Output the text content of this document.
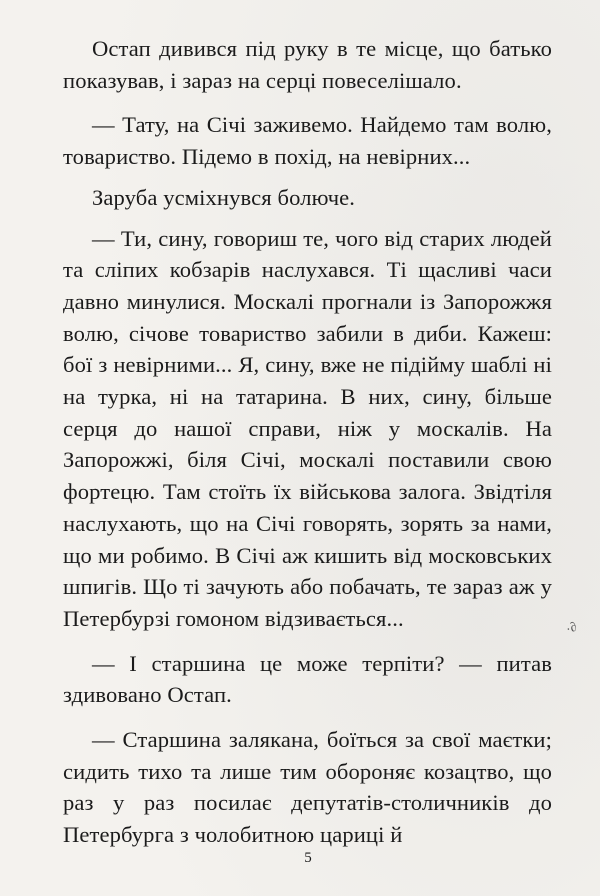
Остап дивився під руку в те місце, що батько показував, і зараз на серці повеселішало.

— Тату, на Січі заживемо. Найдемо там волю, товариство. Підемо в похід, на невірних...

Заруба усміхнувся болюче.

— Ти, сину, говориш те, чого від старих людей та сліпих кобзарів наслухався. Ті щасливі часи давно минулися. Москалі прогнали із Запорожжя волю, січове товариство забили в диби. Кажеш: бої з невірними... Я, сину, вже не підійму шаблі ні на турка, ні на татарина. В них, сину, більше серця до нашої справи, ніж у москалів. На Запорожжі, біля Січі, москалі поставили свою фортецю. Там стоїть їх військова залога. Звідтіля наслухають, що на Січі говорять, зорять за нами, що ми робимо. В Січі аж кишить від московських шпигів. Що ті зачують або побачать, те зараз аж у Петербурзі гомоном відзивається...

— І старшина це може терпіти? — питав здивовано Остап.

— Старшина залякана, боїться за свої маєтки; сидить тихо та лише тим обороняє козацтво, що раз у раз посилає депутатів-столичників до Петербурга з чолобитною цариці й

·∂
5
